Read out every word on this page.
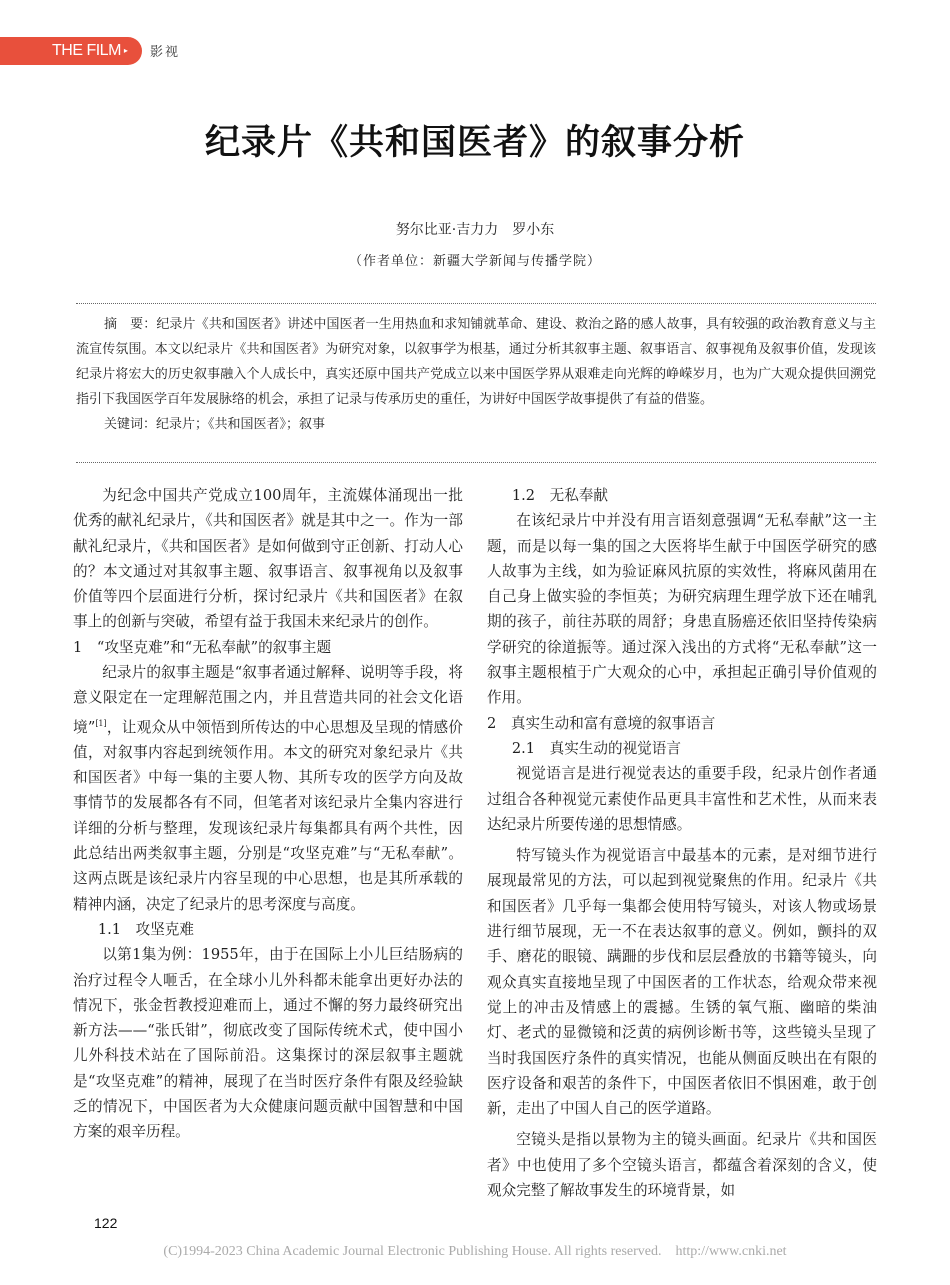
THE FILM ▸	影视
纪录片《共和国医者》的叙事分析
努尔比亚·吉力力　罗小东
（作者单位：新疆大学新闻与传播学院）

摘　要：纪录片《共和国医者》讲述中国医者一生用热血和求知铺就革命、建设、救治之路的感人故事，具有较强的政治教育意义与主流宣传氛围。本文以纪录片《共和国医者》为研究对象，以叙事学为根基，通过分析其叙事主题、叙事语言、叙事视角及叙事价值，发现该纪录片将宏大的历史叙事融入个人成长中，真实还原中国共产党成立以来中国医学界从艰难走向光辉的峥嵘岁月，也为广大观众提供回溯党指引下我国医学百年发展脉络的机会，承担了记录与传承历史的重任，为讲好中国医学故事提供了有益的借鉴。

关键词：纪录片；《共和国医者》；叙事

为纪念中国共产党成立100周年，主流媒体涌现出一批优秀的献礼纪录片，《共和国医者》就是其中之一。作为一部献礼纪录片，《共和国医者》是如何做到守正创新、打动人心的？本文通过对其叙事主题、叙事语言、叙事视角以及叙事价值等四个层面进行分析，探讨纪录片《共和国医者》在叙事上的创新与突破，希望有益于我国未来纪录片的创作。

1　“攻坚克难”和“无私奉献”的叙事主题

纪录片的叙事主题是“叙事者通过解释、说明等手段，将意义限定在一定理解范围之内，并且营造共同的社会文化语境”[1]，让观众从中领悟到所传达的中心思想及呈现的情感价值，对叙事内容起到统领作用。本文的研究对象纪录片《共和国医者》中每一集的主要人物、其所专攻的医学方向及故事情节的发展都各有不同，但笔者对该纪录片全集内容进行详细的分析与整理，发现该纪录片每集都具有两个共性，因此总结出两类叙事主题，分别是“攻坚克难”与“无私奉献”。这两点既是该纪录片内容呈现的中心思想，也是其所承载的精神内涵，决定了纪录片的思考深度与高度。

1.1　攻坚克难

以第1集为例：1955年，由于在国际上小儿巨结肠病的治疗过程令人咂舌，在全球小儿外科都未能拿出更好办法的情况下，张金哲教授迎难而上，通过不懈的努力最终研究出新方法——“张氏钳”，彻底改变了国际传统术式，使中国小儿外科技术站在了国际前沿。这集探讨的深层叙事主题就是“攻坚克难”的精神，展现了在当时医疗条件有限及经验缺乏的情况下，中国医者为大众健康问题贡献中国智慧和中国方案的艰辛历程。

1.2　无私奉献

在该纪录片中并没有用言语刻意强调“无私奉献”这一主题，而是以每一集的国之大医将毕生献于中国医学研究的感人故事为主线，如为验证麻风抗原的实效性，将麻风菌用在自己身上做实验的李恒英；为研究病理生理学放下还在哺乳期的孩子，前往苏联的周舒；身患直肠癌还依旧坚持传染病学研究的徐道振等。通过深入浅出的方式将“无私奉献”这一叙事主题根植于广大观众的心中，承担起正确引导价值观的作用。

2　真实生动和富有意境的叙事语言

2.1　真实生动的视觉语言

视觉语言是进行视觉表达的重要手段，纪录片创作者通过组合各种视觉元素使作品更具丰富性和艺术性，从而来表达纪录片所要传递的思想情感。

特写镜头作为视觉语言中最基本的元素，是对细节进行展现最常见的方法，可以起到视觉聚焦的作用。纪录片《共和国医者》几乎每一集都会使用特写镜头，对该人物或场景进行细节展现，无一不在表达叙事的意义。例如，颤抖的双手、磨花的眼镜、蹒跚的步伐和层层叠放的书籍等镜头，向观众真实直接地呈现了中国医者的工作状态，给观众带来视觉上的冲击及情感上的震撼。生锈的氧气瓶、幽暗的柴油灯、老式的显微镜和泛黄的病例诊断书等，这些镜头呈现了当时我国医疗条件的真实情况，也能从侧面反映出在有限的医疗设备和艰苦的条件下，中国医者依旧不惧困难，敢于创新，走出了中国人自己的医学道路。

空镜头是指以景物为主的镜头画面。纪录片《共和国医者》中也使用了多个空镜头语言，都蕴含着深刻的含义，使观众完整了解故事发生的环境背景，如

122
(C)1994-2023 China Academic Journal Electronic Publishing House. All rights reserved.　http://www.cnki.net
